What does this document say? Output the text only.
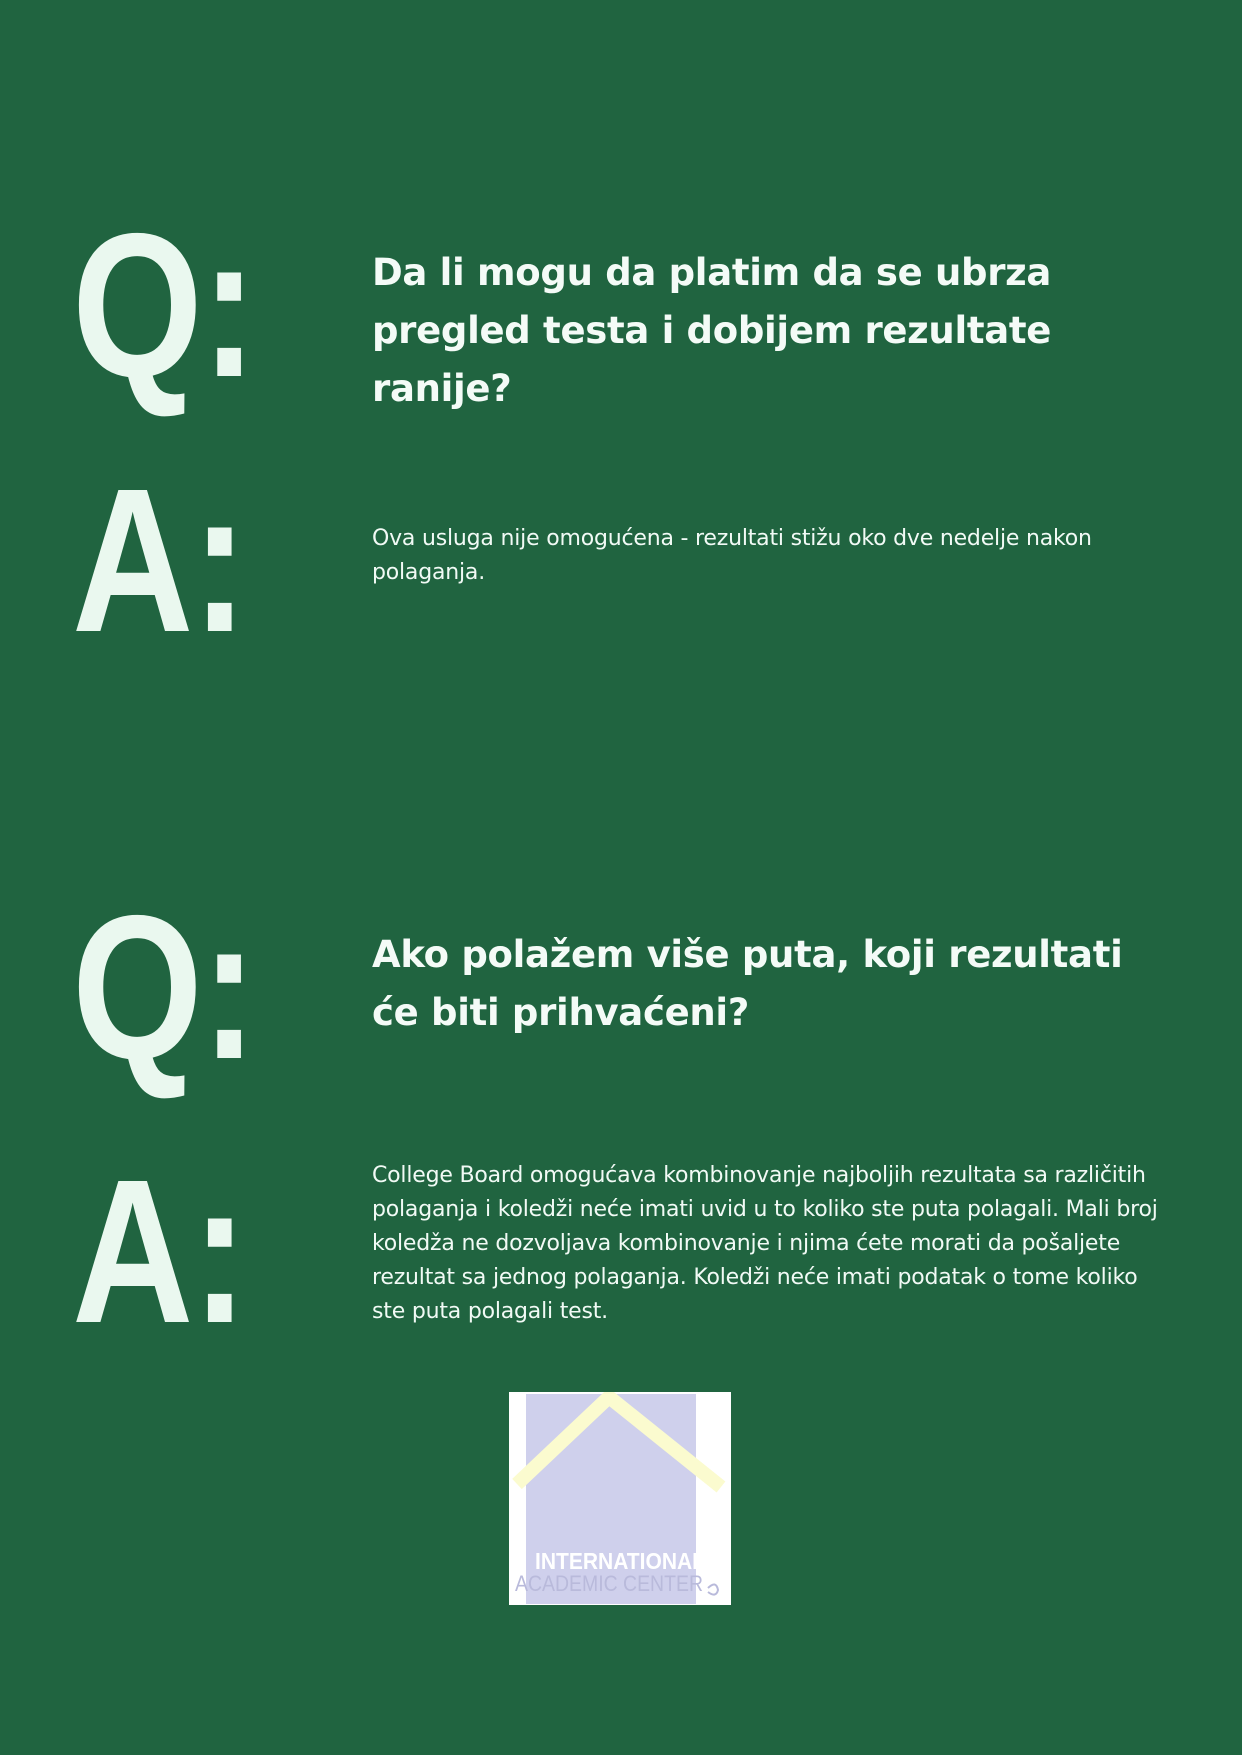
Q:	Da li mogu da platim da se ubrza pregled testa i dobijem rezultate ranije?
A:	Ova usluga nije omogućena - rezultati stižu oko dve nedelje nakon polaganja.

Q:	Ako polažem više puta, koji rezultati će biti prihvaćeni?
A:	College Board omogućava kombinovanje najboljih rezultata sa različitih polaganja i koledži neće imati uvid u to koliko ste puta polagali. Mali broj koledža ne dozvoljava kombinovanje i njima ćete morati da pošaljete rezultat sa jednog polaganja. Koledži neće imati podatak o tome koliko ste puta polagali test.

INTERNATIONAL
ACADEMIC CENTER
